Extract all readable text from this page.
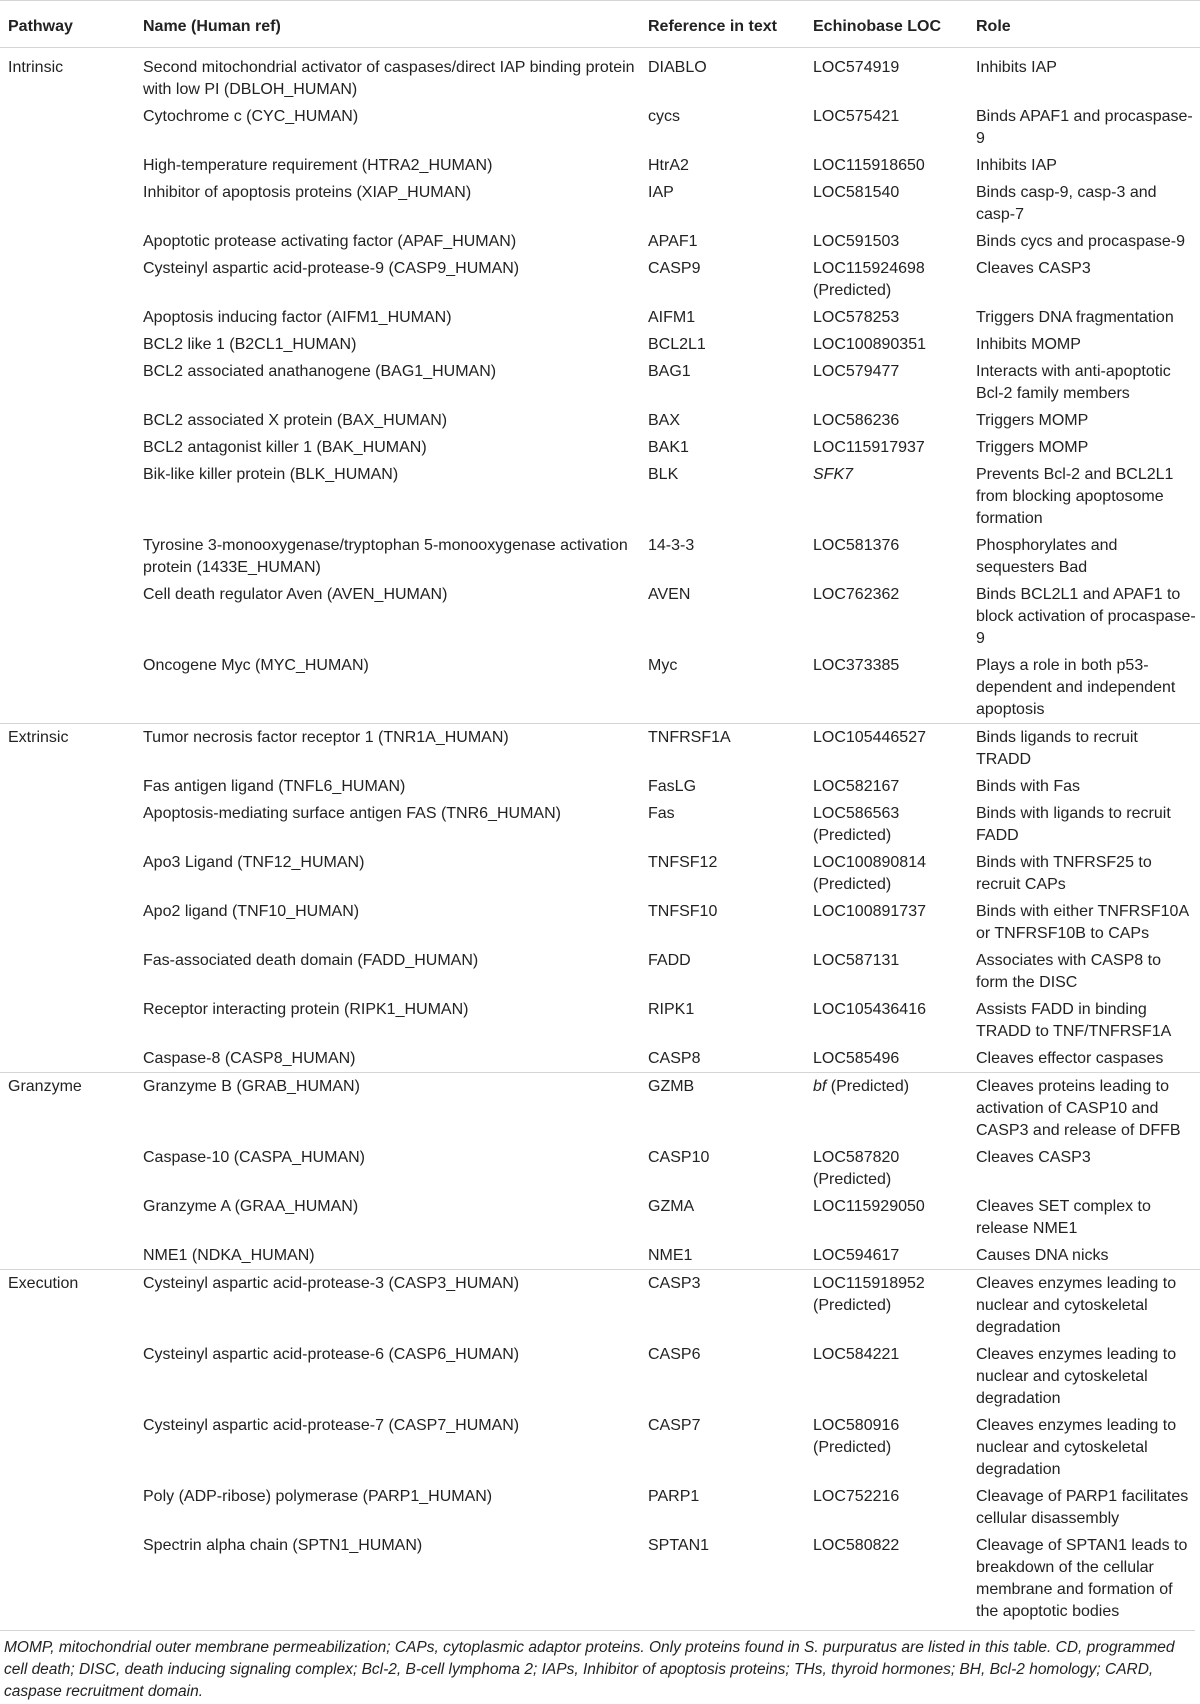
Pathway	Name (Human ref)	Reference in text	Echinobase LOC	Role
Intrinsic	Second mitochondrial activator of caspases/direct IAP binding protein with low PI (DBLOH_HUMAN)	DIABLO	LOC574919	Inhibits IAP
	Cytochrome c (CYC_HUMAN)	cycs	LOC575421	Binds APAF1 and procaspase-9
	High-temperature requirement (HTRA2_HUMAN)	HtrA2	LOC115918650	Inhibits IAP
	Inhibitor of apoptosis proteins (XIAP_HUMAN)	IAP	LOC581540	Binds casp-9, casp-3 and casp-7
	Apoptotic protease activating factor (APAF_HUMAN)	APAF1	LOC591503	Binds cycs and procaspase-9
	Cysteinyl aspartic acid-protease-9 (CASP9_HUMAN)	CASP9	LOC115924698 (Predicted)	Cleaves CASP3
	Apoptosis inducing factor (AIFM1_HUMAN)	AIFM1	LOC578253	Triggers DNA fragmentation
	BCL2 like 1 (B2CL1_HUMAN)	BCL2L1	LOC100890351	Inhibits MOMP
	BCL2 associated anathanogene (BAG1_HUMAN)	BAG1	LOC579477	Interacts with anti-apoptotic Bcl-2 family members
	BCL2 associated X protein (BAX_HUMAN)	BAX	LOC586236	Triggers MOMP
	BCL2 antagonist killer 1 (BAK_HUMAN)	BAK1	LOC115917937	Triggers MOMP
	Bik-like killer protein (BLK_HUMAN)	BLK	SFK7	Prevents Bcl-2 and BCL2L1 from blocking apoptosome formation
	Tyrosine 3-monooxygenase/tryptophan 5-monooxygenase activation protein (1433E_HUMAN)	14-3-3	LOC581376	Phosphorylates and sequesters Bad
	Cell death regulator Aven (AVEN_HUMAN)	AVEN	LOC762362	Binds BCL2L1 and APAF1 to block activation of procaspase-9
	Oncogene Myc (MYC_HUMAN)	Myc	LOC373385	Plays a role in both p53-dependent and independent apoptosis
Extrinsic	Tumor necrosis factor receptor 1 (TNR1A_HUMAN)	TNFRSF1A	LOC105446527	Binds ligands to recruit TRADD
	Fas antigen ligand (TNFL6_HUMAN)	FasLG	LOC582167	Binds with Fas
	Apoptosis-mediating surface antigen FAS (TNR6_HUMAN)	Fas	LOC586563 (Predicted)	Binds with ligands to recruit FADD
	Apo3 Ligand (TNF12_HUMAN)	TNFSF12	LOC100890814 (Predicted)	Binds with TNFRSF25 to recruit CAPs
	Apo2 ligand (TNF10_HUMAN)	TNFSF10	LOC100891737	Binds with either TNFRSF10A or TNFRSF10B to CAPs
	Fas-associated death domain (FADD_HUMAN)	FADD	LOC587131	Associates with CASP8 to form the DISC
	Receptor interacting protein (RIPK1_HUMAN)	RIPK1	LOC105436416	Assists FADD in binding TRADD to TNF/TNFRSF1A
	Caspase-8 (CASP8_HUMAN)	CASP8	LOC585496	Cleaves effector caspases
Granzyme	Granzyme B (GRAB_HUMAN)	GZMB	bf (Predicted)	Cleaves proteins leading to activation of CASP10 and CASP3 and release of DFFB
	Caspase-10 (CASPA_HUMAN)	CASP10	LOC587820 (Predicted)	Cleaves CASP3
	Granzyme A (GRAA_HUMAN)	GZMA	LOC115929050	Cleaves SET complex to release NME1
	NME1 (NDKA_HUMAN)	NME1	LOC594617	Causes DNA nicks
Execution	Cysteinyl aspartic acid-protease-3 (CASP3_HUMAN)	CASP3	LOC115918952 (Predicted)	Cleaves enzymes leading to nuclear and cytoskeletal degradation
	Cysteinyl aspartic acid-protease-6 (CASP6_HUMAN)	CASP6	LOC584221	Cleaves enzymes leading to nuclear and cytoskeletal degradation
	Cysteinyl aspartic acid-protease-7 (CASP7_HUMAN)	CASP7	LOC580916 (Predicted)	Cleaves enzymes leading to nuclear and cytoskeletal degradation
	Poly (ADP-ribose) polymerase (PARP1_HUMAN)	PARP1	LOC752216	Cleavage of PARP1 facilitates cellular disassembly
	Spectrin alpha chain (SPTN1_HUMAN)	SPTAN1	LOC580822	Cleavage of SPTAN1 leads to breakdown of the cellular membrane and formation of the apoptotic bodies
MOMP, mitochondrial outer membrane permeabilization; CAPs, cytoplasmic adaptor proteins. Only proteins found in S. purpuratus are listed in this table. CD, programmed cell death; DISC, death inducing signaling complex; Bcl-2, B-cell lymphoma 2; IAPs, Inhibitor of apoptosis proteins; THs, thyroid hormones; BH, Bcl-2 homology; CARD, caspase recruitment domain.
